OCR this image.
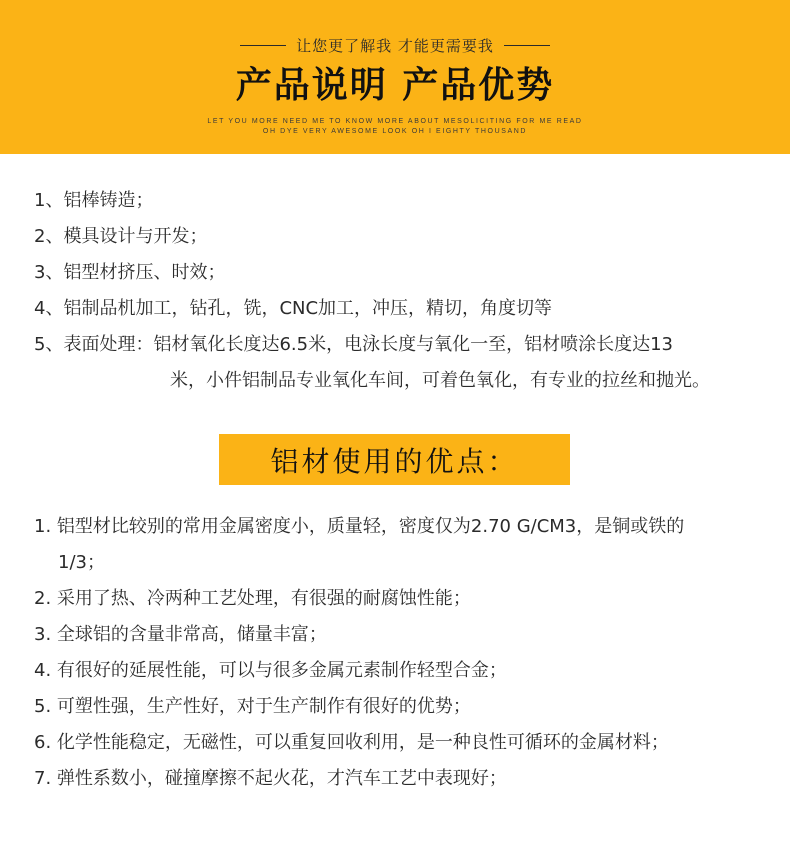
让您更了解我 才能更需要我
产品说明 产品优势
LET YOU MORE NEED ME TO KNOW MORE ABOUT MESOLICITING FOR ME READ
OH DYE VERY AWESOME LOOK OH I EIGHTY THOUSAND
1、铝棒铸造；
2、模具设计与开发；
3、铝型材挤压、时效；
4、铝制品机加工，钻孔，铣，CNC加工，冲压，精切，角度切等
5、表面处理：铝材氧化长度达6.5米，电泳长度与氧化一至，铝材喷涂长度达13
米，小件铝制品专业氧化车间，可着色氧化，有专业的拉丝和抛光。
铝材使用的优点：
1. 铝型材比较别的常用金属密度小，质量轻，密度仅为2.70 G/CM3，是铜或铁的
1/3；
2. 采用了热、冷两种工艺处理，有很强的耐腐蚀性能；
3. 全球铝的含量非常高，储量丰富；
4. 有很好的延展性能，可以与很多金属元素制作轻型合金；
5. 可塑性强，生产性好，对于生产制作有很好的优势；
6. 化学性能稳定，无磁性，可以重复回收利用，是一种良性可循环的金属材料；
7. 弹性系数小，碰撞摩擦不起火花，才汽车工艺中表现好；
